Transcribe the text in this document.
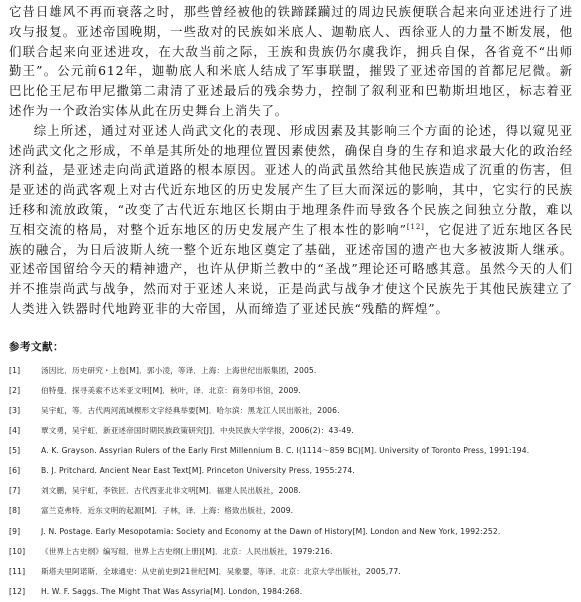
它昔日雄风不再而衰落之时，那些曾经被他的铁蹄蹂躏过的周边民族便联合起来向亚述进行了进攻与报复。亚述帝国晚期，一些敌对的民族如米底人、迦勒底人、西徐亚人的力量不断发展，他们联合起来向亚述进攻，在大敌当前之际，王族和贵族仍尔虞我诈，拥兵自保，各省竟不“出师勤王”。公元前612年，迦勒底人和米底人结成了军事联盟，摧毁了亚述帝国的首都尼尼微。新巴比伦王尼布甲尼撒第二肃清了亚述最后的残余势力，控制了叙利亚和巴勒斯坦地区，标志着亚述作为一个政治实体从此在历史舞台上消失了。

综上所述，通过对亚述人尚武文化的表现、形成因素及其影响三个方面的论述，得以窥见亚述尚武文化之形成，不单是其所处的地理位置因素使然，确保自身的生存和追求最大化的政治经济利益，是亚述走向尚武道路的根本原因。亚述人的尚武虽然给其他民族造成了沉重的伤害，但是亚述的尚武客观上对古代近东地区的历史发展产生了巨大而深远的影响，其中，它实行的民族迁移和流放政策，“改变了古代近东地区长期由于地理条件而导致各个民族之间独立分散，难以互相交流的格局，对整个近东地区的历史发展产生了根本性的影响”[12]，它促进了近东地区各民族的融合，为日后波斯人统一整个近东地区奠定了基础，亚述帝国的遗产也大多被波斯人继承。亚述帝国留给今天的精神遗产，也许从伊斯兰教中的“圣战”理论还可略感其意。虽然今天的人们并不推崇尚武与战争，然而对于亚述人来说，正是尚武与战争才使这个民族先于其他民族建立了人类进入铁器时代地跨亚非的大帝国，从而缔造了亚述民族“残酷的辉煌”。

参考文献：
[1]	汤因比．历史研究・上卷[M]．郭小凌，等译．上海：上海世纪出版集团，2005.
[2]	伯特曼．探寻美索不达米亚文明[M]．秋叶，译．北京：商务印书馆，2009.
[3]	吴宇虹，等．古代两河流域楔形文字经典举要[M]．哈尔滨：黑龙江人民出版社，2006.
[4]	覃文勇，吴宇虹．新亚述帝国时期民族政策研究[J]．中央民族大学学报，2006(2)：43-49.
[5]	A. K. Grayson. Assyrian Rulers of the Early First Millennium B. C. I(1114～859 BC)[M]. University of Toronto Press, 1991:194.
[6]	B. J. Pritchard. Ancient Near East Text[M]. Princeton University Press, 1955:274.
[7]	刘文鹏，吴宇虹，李铁匠．古代西亚北非文明[M]．福建人民出版社，2008.
[8]	富兰克弗特．近东文明的起源[M]．子林，译．上海：格致出版社，2009.
[9]	J. N. Postage. Early Mesopotamia: Society and Economy at the Dawn of History[M]. London and New York, 1992:252.
[10]	《世界上古史纲》编写组．世界上古史纲(上册)[M]．北京：人民出版社，1979:216.
[11]	斯塔夫里阿诺斯．全球通史：从史前史到21世纪[M]．吴象婴，等译．北京：北京大学出版社，2005,77.
[12]	H. W. F. Saggs. The Might That Was Assyria[M]. London, 1984:268.
